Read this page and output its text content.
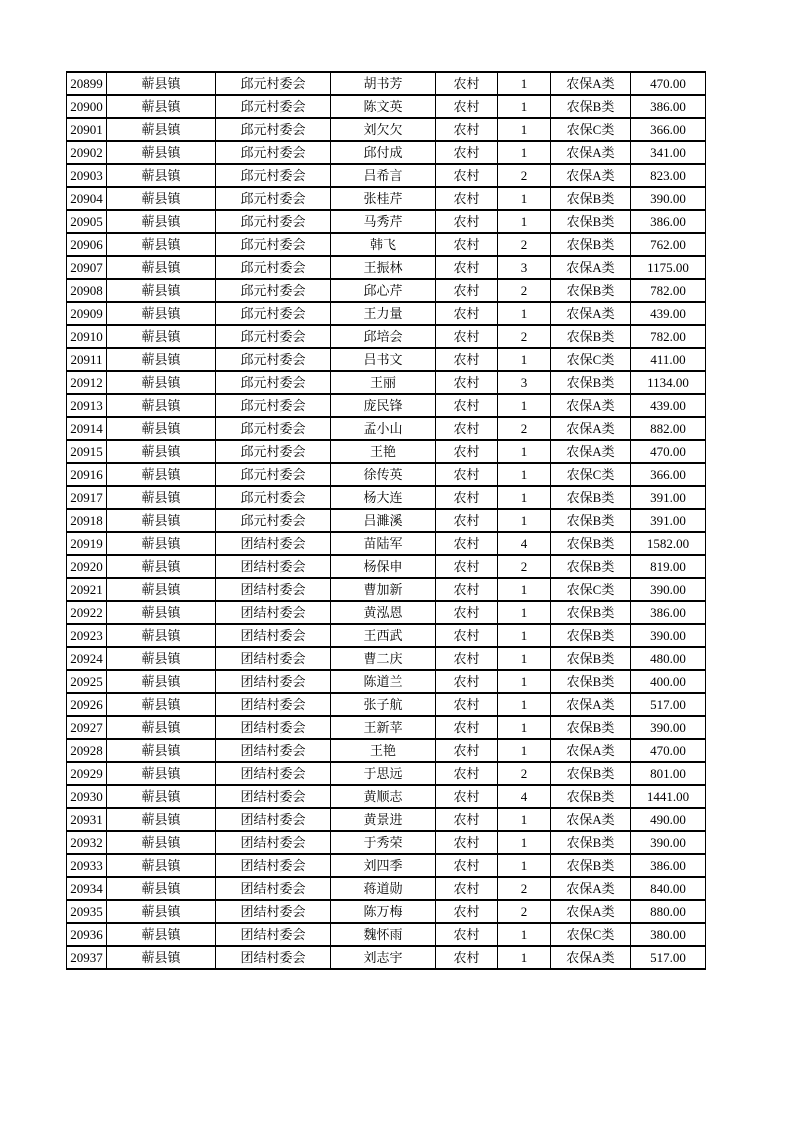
20899	蕲县镇	邱元村委会	胡书芳	农村	1	农保A类	470.00
20900	蕲县镇	邱元村委会	陈文英	农村	1	农保B类	386.00
20901	蕲县镇	邱元村委会	刘欠欠	农村	1	农保C类	366.00
20902	蕲县镇	邱元村委会	邱付成	农村	1	农保A类	341.00
20903	蕲县镇	邱元村委会	吕希言	农村	2	农保A类	823.00
20904	蕲县镇	邱元村委会	张桂芹	农村	1	农保B类	390.00
20905	蕲县镇	邱元村委会	马秀芹	农村	1	农保B类	386.00
20906	蕲县镇	邱元村委会	韩飞	农村	2	农保B类	762.00
20907	蕲县镇	邱元村委会	王振林	农村	3	农保A类	1175.00
20908	蕲县镇	邱元村委会	邱心芹	农村	2	农保B类	782.00
20909	蕲县镇	邱元村委会	王力量	农村	1	农保A类	439.00
20910	蕲县镇	邱元村委会	邱培会	农村	2	农保B类	782.00
20911	蕲县镇	邱元村委会	吕书文	农村	1	农保C类	411.00
20912	蕲县镇	邱元村委会	王丽	农村	3	农保B类	1134.00
20913	蕲县镇	邱元村委会	庞民锋	农村	1	农保A类	439.00
20914	蕲县镇	邱元村委会	孟小山	农村	2	农保A类	882.00
20915	蕲县镇	邱元村委会	王艳	农村	1	农保A类	470.00
20916	蕲县镇	邱元村委会	徐传英	农村	1	农保C类	366.00
20917	蕲县镇	邱元村委会	杨大连	农村	1	农保B类	391.00
20918	蕲县镇	邱元村委会	吕濉溪	农村	1	农保B类	391.00
20919	蕲县镇	团结村委会	苗陆军	农村	4	农保B类	1582.00
20920	蕲县镇	团结村委会	杨保申	农村	2	农保B类	819.00
20921	蕲县镇	团结村委会	曹加新	农村	1	农保C类	390.00
20922	蕲县镇	团结村委会	黄泓恩	农村	1	农保B类	386.00
20923	蕲县镇	团结村委会	王西武	农村	1	农保B类	390.00
20924	蕲县镇	团结村委会	曹二庆	农村	1	农保B类	480.00
20925	蕲县镇	团结村委会	陈道兰	农村	1	农保B类	400.00
20926	蕲县镇	团结村委会	张子航	农村	1	农保A类	517.00
20927	蕲县镇	团结村委会	王新苹	农村	1	农保B类	390.00
20928	蕲县镇	团结村委会	王艳	农村	1	农保A类	470.00
20929	蕲县镇	团结村委会	于思远	农村	2	农保B类	801.00
20930	蕲县镇	团结村委会	黄顺志	农村	4	农保B类	1441.00
20931	蕲县镇	团结村委会	黄景进	农村	1	农保A类	490.00
20932	蕲县镇	团结村委会	于秀荣	农村	1	农保B类	390.00
20933	蕲县镇	团结村委会	刘四季	农村	1	农保B类	386.00
20934	蕲县镇	团结村委会	蒋道勋	农村	2	农保A类	840.00
20935	蕲县镇	团结村委会	陈万梅	农村	2	农保A类	880.00
20936	蕲县镇	团结村委会	魏怀雨	农村	1	农保C类	380.00
20937	蕲县镇	团结村委会	刘志宇	农村	1	农保A类	517.00
